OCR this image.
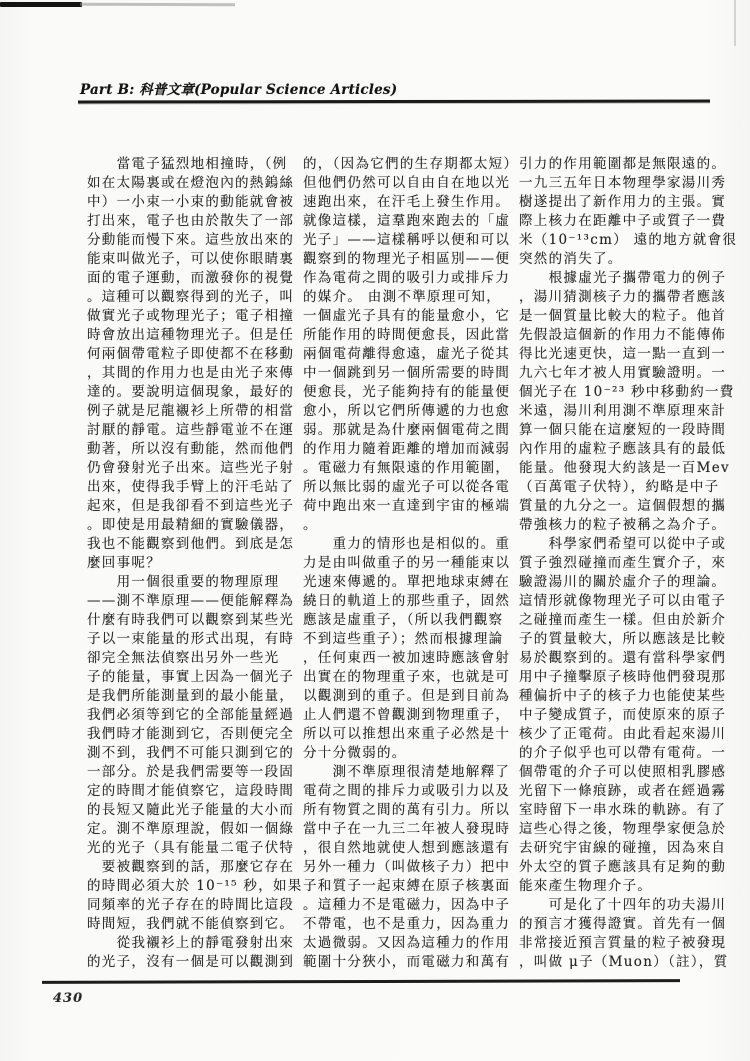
Part B: 科普文章(Popular Science Articles)
　　當電子猛烈地相撞時，（例
如在太陽裏或在燈泡內的熱鎢絲
中）一小束一小束的動能就會被
打出來，電子也由於散失了一部
分動能而慢下來。這些放出來的
能束叫做光子，可以使你眼睛裏
面的電子運動，而激發你的視覺
。這種可以觀察得到的光子，叫
做實光子或物理光子；電子相撞
時會放出這種物理光子。但是任
何兩個帶電粒子即使都不在移動
，其間的作用力也是由光子來傳
達的。要說明這個現象，最好的
例子就是尼龍襯衫上所帶的相當
討厭的靜電。這些靜電並不在運
動著，所以沒有動能，然而他們
仍會發射光子出來。這些光子射
出來，使得我手臂上的汗毛站了
起來，但是我卻看不到這些光子
。即使是用最精細的實驗儀器，
我也不能觀察到他們。到底是怎
麼回事呢？
　　用一個很重要的物理原理
——測不準原理——便能解釋為
什麼有時我們可以觀察到某些光
子以一束能量的形式出現，有時
卻完全無法偵察出另外一些光
子的能量，事實上因為一個光子
是我們所能測量到的最小能量，
我們必須等到它的全部能量經過
我們時才能測到它，否則便完全
測不到，我們不可能只測到它的
一部分。於是我們需要等一段固
定的時間才能偵察它，這段時間
的長短又隨此光子能量的大小而
定。測不準原理說，假如一個綠
光的光子（具有能量二電子伏特
　要被觀察到的話，那麼它存在
的時間必須大於 10⁻¹⁵ 秒，如果
同頻率的光子存在的時間比這段
時間短，我們就不能偵察到它。
　　從我襯衫上的靜電發射出來
的光子，沒有一個是可以觀測到
的，（因為它們的生存期都太短）
但他們仍然可以自由自在地以光
速跑出來，在汗毛上發生作用。
就像這樣，這羣跑來跑去的「虛
光子」——這樣稱呼以便和可以
觀察到的物理光子相區別——便
作為電荷之間的吸引力或排斥力
的媒介。 由測不準原理可知，
一個虛光子具有的能量愈小，它
所能作用的時間便愈長，因此當
兩個電荷離得愈遠，虛光子從其
中一個跳到另一個所需要的時間
便愈長，光子能夠持有的能量便
愈小，所以它們所傳遞的力也愈
弱。那就是為什麼兩個電荷之間
的作用力隨着距離的增加而減弱
。電磁力有無限遠的作用範圍，
所以無比弱的虛光子可以從各電
荷中跑出來一直達到宇宙的極端
。
　　重力的情形也是相似的。重
力是由叫做重子的另一種能束以
光速來傳遞的。單把地球束縛在
繞日的軌道上的那些重子，固然
應該是虛重子，（所以我們觀察
不到這些重子）；然而根據理論
，任何東西一被加速時應該會射
出實在的物理重子來，也就是可
以觀測到的重子。但是到目前為
止人們還不曾觀測到物理重子，
所以可以推想出來重子必然是十
分十分微弱的。
　　測不準原理很清楚地解釋了
電荷之間的排斥力或吸引力以及
所有物質之間的萬有引力。所以
當中子在一九三二年被人發現時
，很自然地就使人想到應該還有
另外一種力（叫做核子力）把中
子和質子一起束縛在原子核裏面
。這種力不是電磁力，因為中子
不帶電，也不是重力，因為重力
太過微弱。又因為這種力的作用
範圍十分狹小，而電磁力和萬有
引力的作用範圍都是無限遠的。
一九三五年日本物理學家湯川秀
樹遂提出了新作用力的主張。實
際上核力在距離中子或質子一費
米（10⁻¹³cm） 遠的地方就會很
突然的消失了。
　　根據虛光子攜帶電力的例子
，湯川猜測核子力的攜帶者應該
是一個質量比較大的粒子。他首
先假設這個新的作用力不能傳佈
得比光速更快，這一點一直到一
九六七年才被人用實驗證明。一
個光子在 10⁻²³ 秒中移動約一費
米遠，湯川利用測不準原理來計
算一個只能在這麼短的一段時間
內作用的虛粒子應該具有的最低
能量。他發現大約該是一百Mev
（百萬電子伏特），約略是中子
質量的九分之一。這個假想的攜
帶強核力的粒子被稱之為介子。
　　科學家們希望可以從中子或
質子強烈碰撞而產生實介子，來
驗證湯川的關於虛介子的理論。
這情形就像物理光子可以由電子
之碰撞而產生一樣。但由於新介
子的質量較大，所以應該是比較
易於觀察到的。還有當科學家們
用中子撞擊原子核時他們發現那
種偏折中子的核子力也能使某些
中子變成質子，而使原來的原子
核少了正電荷。由此看起來湯川
的介子似乎也可以帶有電荷。一
個帶電的介子可以使照相乳膠感
光留下一條痕跡，或者在經過霧
室時留下一串水珠的軌跡。有了
這些心得之後，物理學家便急於
去研究宇宙線的碰撞，因為來自
外太空的質子應該具有足夠的動
能來產生物理介子。
　　可是化了十四年的功夫湯川
的預言才獲得證實。首先有一個
非常接近預言質量的粒子被發現
，叫做 μ子（Muon）（註），質
430
